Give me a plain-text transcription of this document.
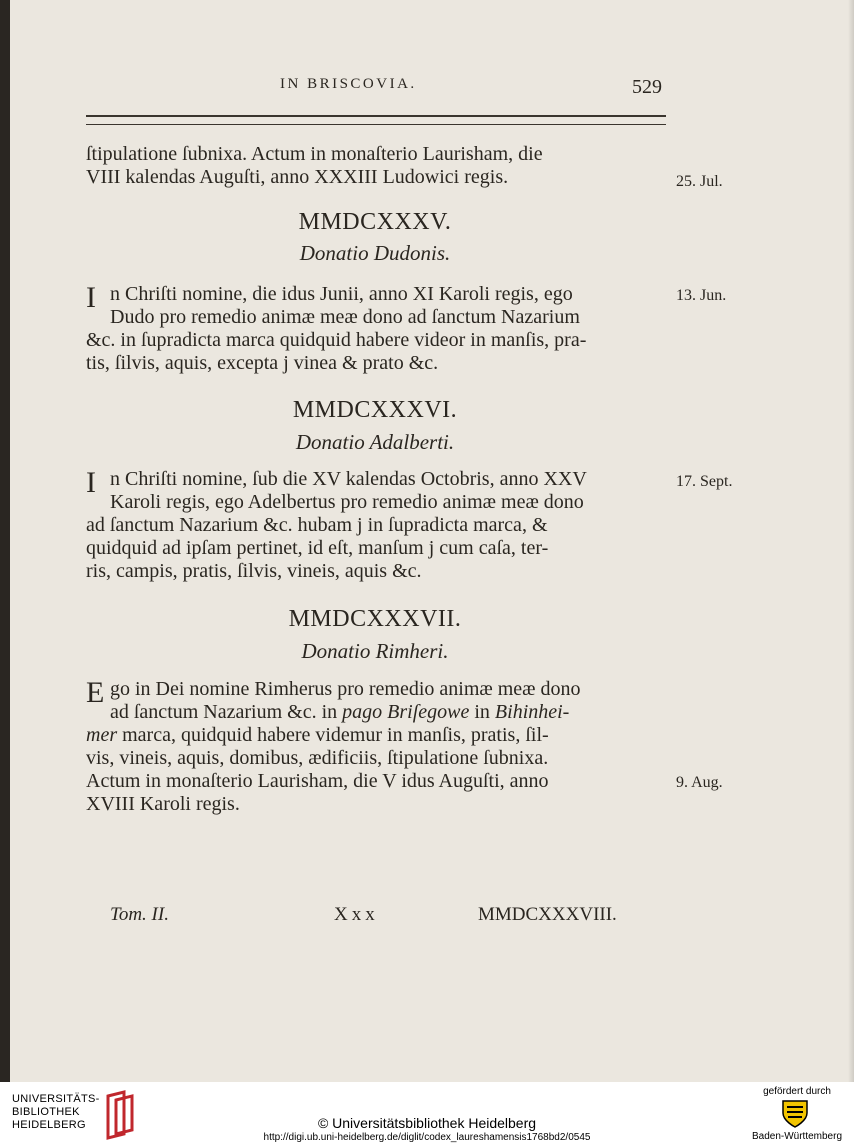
IN BRISCOVIA.	529
ſtipulatione ſubnixa. Actum in monaſterio Laurisham, die
VIII kalendas Auguſti, anno XXXIII Ludowici regis.	25. Jul.
MMDCXXXV.
Donatio Dudonis.
I n Chriſti nomine, die idus Junii, anno XI Karoli regis, ego
Dudo pro remedio animæ meæ dono ad ſanctum Nazarium
&c. in ſupradicta marca quidquid habere videor in manſis, pra-
tis, ſilvis, aquis, excepta j vinea & prato &c.
13. Jun.
MMDCXXXVI.
Donatio Adalberti.
I n Chriſti nomine, ſub die XV kalendas Octobris, anno XXV
Karoli regis, ego Adelbertus pro remedio animæ meæ dono
ad ſanctum Nazarium &c. hubam j in ſupradicta marca, &
quidquid ad ipſam pertinet, id eſt, manſum j cum caſa, ter-
ris, campis, pratis, ſilvis, vineis, aquis &c.
17. Sept.
MMDCXXXVII.
Donatio Rimheri.
E go in Dei nomine Rimherus pro remedio animæ meæ dono
ad ſanctum Nazarium &c. in pago Briſegowe in Bihinhei-
mer marca, quidquid habere videmur in manſis, pratis, ſil-
vis, vineis, aquis, domibus, ædificiis, ſtipulatione ſubnixa.
Actum in monaſterio Laurisham, die V idus Auguſti, anno
XVIII Karoli regis.
9. Aug.
Tom. II.	Xxx	MMDCXXXVIII.
UNIVERSITÄTS-
BIBLIOTHEK
HEIDELBERG	© Universitätsbibliothek Heidelberg
http://digi.ub.uni-heidelberg.de/diglit/codex_laureshamensis1768bd2/0545
gefördert durch
Baden-Württemberg
